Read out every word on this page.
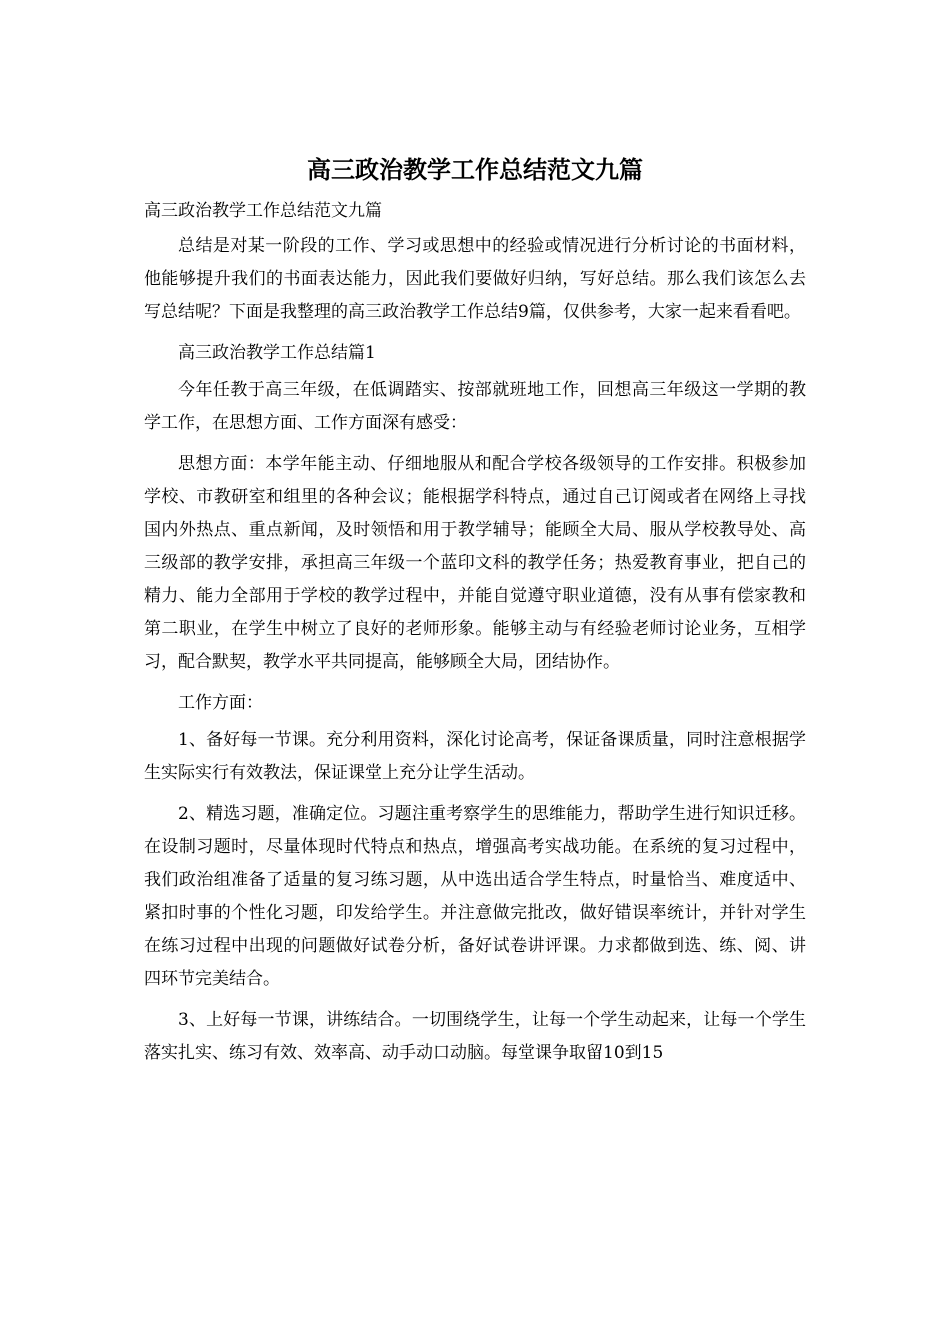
高三政治教学工作总结范文九篇

高三政治教学工作总结范文九篇

总结是对某一阶段的工作、学习或思想中的经验或情况进行分析讨论的书面材料，他能够提升我们的书面表达能力，因此我们要做好归纳，写好总结。那么我们该怎么去写总结呢？下面是我整理的高三政治教学工作总结9篇，仅供参考，大家一起来看看吧。

高三政治教学工作总结篇1

今年任教于高三年级，在低调踏实、按部就班地工作，回想高三年级这一学期的教学工作，在思想方面、工作方面深有感受：

思想方面：本学年能主动、仔细地服从和配合学校各级领导的工作安排。积极参加学校、市教研室和组里的各种会议；能根据学科特点，通过自己订阅或者在网络上寻找国内外热点、重点新闻，及时领悟和用于教学辅导；能顾全大局、服从学校教导处、高三级部的教学安排，承担高三年级一个蓝印文科的教学任务；热爱教育事业，把自己的精力、能力全部用于学校的教学过程中，并能自觉遵守职业道德，没有从事有偿家教和第二职业，在学生中树立了良好的老师形象。能够主动与有经验老师讨论业务，互相学习，配合默契，教学水平共同提高，能够顾全大局，团结协作。

工作方面：

1、备好每一节课。充分利用资料，深化讨论高考，保证备课质量，同时注意根据学生实际实行有效教法，保证课堂上充分让学生活动。

2、精选习题，准确定位。习题注重考察学生的思维能力，帮助学生进行知识迁移。在设制习题时，尽量体现时代特点和热点，增强高考实战功能。在系统的复习过程中，我们政治组准备了适量的复习练习题，从中选出适合学生特点，时量恰当、难度适中、紧扣时事的个性化习题，印发给学生。并注意做完批改，做好错误率统计，并针对学生在练习过程中出现的问题做好试卷分析，备好试卷讲评课。力求都做到选、练、阅、讲四环节完美结合。

3、上好每一节课，讲练结合。一切围绕学生，让每一个学生动起来，让每一个学生落实扎实、练习有效、效率高、动手动口动脑。每堂课争取留10到15
